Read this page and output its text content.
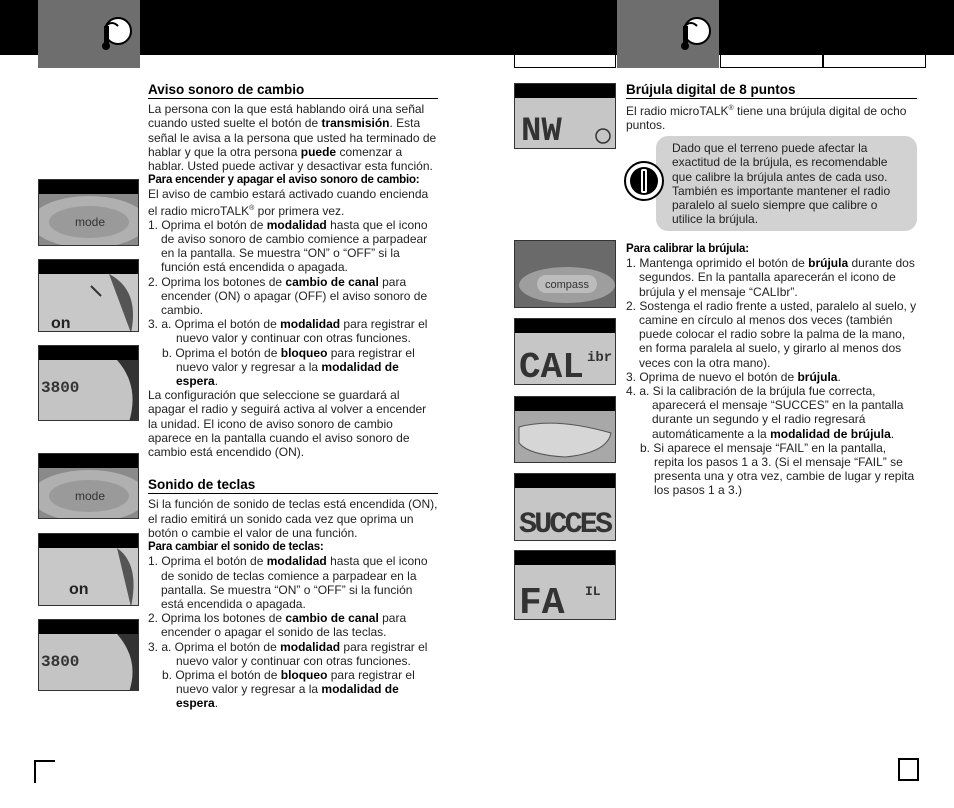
mode
on
3800
mode
on
3800
Aviso sonoro de cambio

La persona con la que está hablando oirá una señal cuando usted suelte el botón de transmisión. Esta señal le avisa a la persona que usted ha terminado de hablar y que la otra persona puede comenzar a hablar. Usted puede activar y desactivar esta función.

Para encender y apagar el aviso sonoro de cambio:

El aviso de cambio estará activado cuando encienda el radio microTALK® por primera vez.

1. Oprima el botón de modalidad hasta que el icono de aviso sonoro de cambio comience a parpadear en la pantalla. Se muestra “ON” o “OFF” si la función está encendida o apagada.

2. Oprima los botones de cambio de canal para encender (ON) o apagar (OFF) el aviso sonoro de cambio.

3. a. Oprima el botón de modalidad para registrar el nuevo valor y continuar con otras funciones.

b. Oprima el botón de bloqueo para registrar el nuevo valor y regresar a la modalidad de espera.

La configuración que seleccione se guardará al apagar el radio y seguirá activa al volver a encender la unidad. El icono de aviso sonoro de cambio aparece en la pantalla cuando el aviso sonoro de cambio está encendido (ON).

Sonido de teclas

Si la función de sonido de teclas está encendida (ON), el radio emitirá un sonido cada vez que oprima un botón o cambie el valor de una función.

Para cambiar el sonido de teclas:

1. Oprima el botón de modalidad hasta que el icono de sonido de teclas comience a parpadear en la pantalla. Se muestra “ON” o “OFF” si la función está encendida o apagada.

2. Oprima los botones de cambio de canal para encender o apagar el sonido de las teclas.

3. a. Oprima el botón de modalidad para registrar el nuevo valor y continuar con otras funciones.

b. Oprima el botón de bloqueo para registrar el nuevo valor y regresar a la modalidad de espera.

NW
compass
CAL ibr
SUCCES
FA IL
Brújula digital de 8 puntos

El radio microTALK® tiene una brújula digital de ocho puntos.

Dado que el terreno puede afectar la exactitud de la brújula, es recomendable que calibre la brújula antes de cada uso. También es importante mantener el radio paralelo al suelo siempre que calibre o utilice la brújula.

Para calibrar la brújula:

1. Mantenga oprimido el botón de brújula durante dos segundos. En la pantalla aparecerán el icono de brújula y el mensaje “CALIbr”.

2. Sostenga el radio frente a usted, paralelo al suelo, y camine en círculo al menos dos veces (también puede colocar el radio sobre la palma de la mano, en forma paralela al suelo, y girarlo al menos dos veces con la otra mano).

3. Oprima de nuevo el botón de brújula.

4. a. Si la calibración de la brújula fue correcta, aparecerá el mensaje “SUCCES” en la pantalla durante un segundo y el radio regresará automáticamente a la modalidad de brújula.

b. Si aparece el mensaje “FAIL” en la pantalla, repita los pasos 1 a 3. (Si el mensaje “FAIL” se presenta una y otra vez, cambie de lugar y repita los pasos 1 a 3.)
